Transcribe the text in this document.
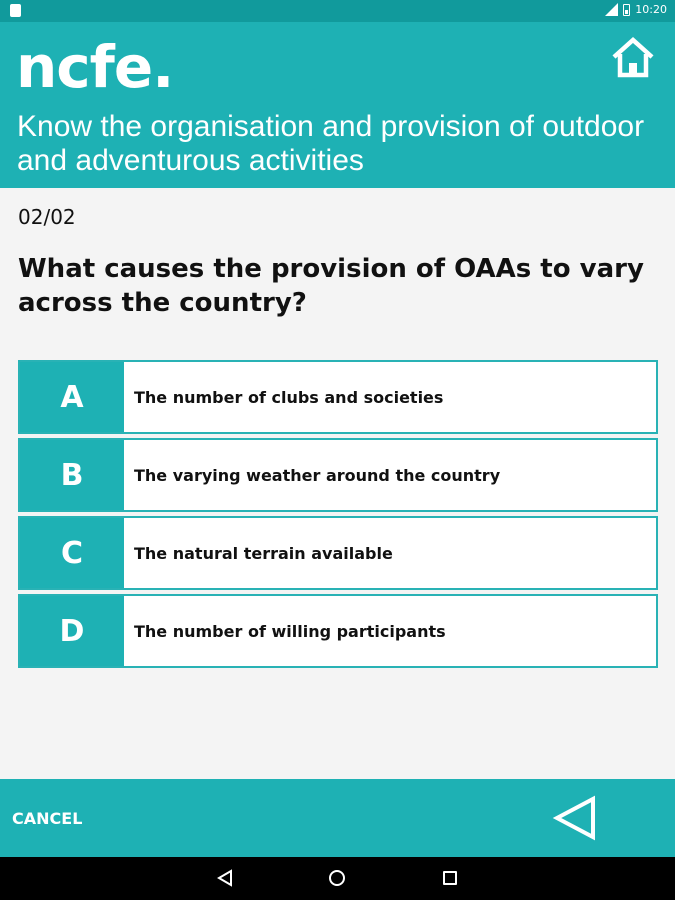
10:20
ncfe.
Know the organisation and provision of outdoor and adventurous activities
02/02
What causes the provision of OAAs to vary across the country?
A	The number of clubs and societies
B	The varying weather around the country
C	The natural terrain available
D	The number of willing participants
CANCEL
